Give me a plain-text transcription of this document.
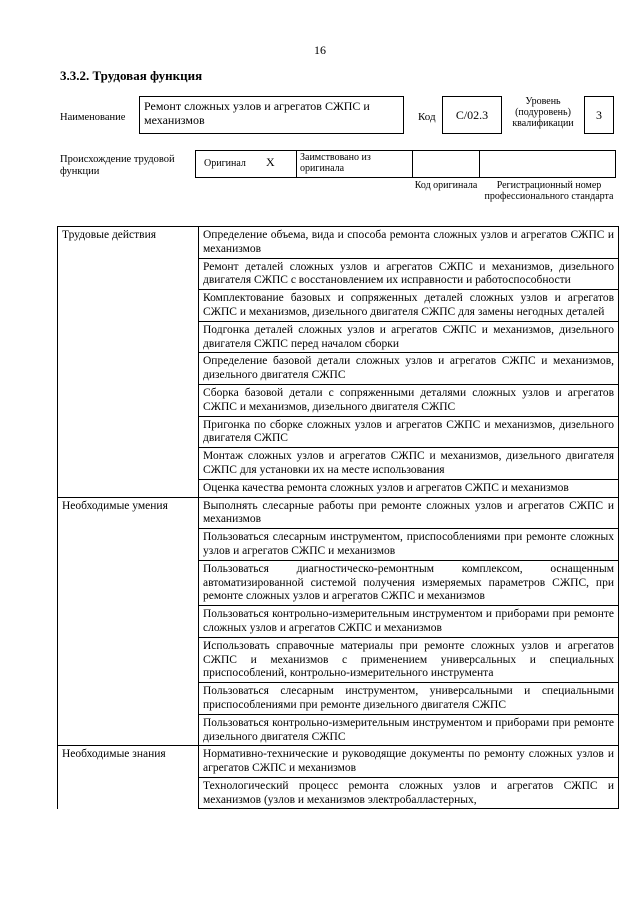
16
3.3.2. Трудовая функция
Наименование
Ремонт сложных узлов и агрегатов СЖПС и механизмов	Код	C/02.3
Уровень (подуровень) квалификации
3
Происхождение трудовой функции
Оригинал X	Заимствовано из оригинала
Код оригинала	Регистрационный номер профессионального стандарта
Трудовые действия	Определение объема, вида и способа ремонта сложных узлов и агрегатов СЖПС и механизмов
	Ремонт деталей сложных узлов и агрегатов СЖПС и механизмов, дизельного двигателя СЖПС с восстановлением их исправности и работоспособности
	Комплектование базовых и сопряженных деталей сложных узлов и агрегатов СЖПС и механизмов, дизельного двигателя СЖПС для замены негодных деталей
	Подгонка деталей сложных узлов и агрегатов СЖПС и механизмов, дизельного двигателя СЖПС перед началом сборки
	Определение базовой детали сложных узлов и агрегатов СЖПС и механизмов, дизельного двигателя СЖПС
	Сборка базовой детали с сопряженными деталями сложных узлов и агрегатов СЖПС и механизмов, дизельного двигателя СЖПС
	Пригонка по сборке сложных узлов и агрегатов СЖПС и механизмов, дизельного двигателя СЖПС
	Монтаж сложных узлов и агрегатов СЖПС и механизмов, дизельного двигателя СЖПС для установки их на месте использования
	Оценка качества ремонта сложных узлов и агрегатов СЖПС и механизмов
Необходимые умения	Выполнять слесарные работы при ремонте сложных узлов и агрегатов СЖПС и механизмов
	Пользоваться слесарным инструментом, приспособлениями при ремонте сложных узлов и агрегатов СЖПС и механизмов
	Пользоваться диагностическо-ремонтным комплексом, оснащенным автоматизированной системой получения измеряемых параметров СЖПС, при ремонте сложных узлов и агрегатов СЖПС и механизмов
	Пользоваться контрольно-измерительным инструментом и приборами при ремонте сложных узлов и агрегатов СЖПС и механизмов
	Использовать справочные материалы при ремонте сложных узлов и агрегатов СЖПС и механизмов с применением универсальных и специальных приспособлений, контрольно-измерительного инструмента
	Пользоваться слесарным инструментом, универсальными и специальными приспособлениями при ремонте дизельного двигателя СЖПС
	Пользоваться контрольно-измерительным инструментом и приборами при ремонте дизельного двигателя СЖПС
Необходимые знания	Нормативно-технические и руководящие документы по ремонту сложных узлов и агрегатов СЖПС и механизмов
	Технологический процесс ремонта сложных узлов и агрегатов СЖПС и механизмов (узлов и механизмов электробалластерных,
